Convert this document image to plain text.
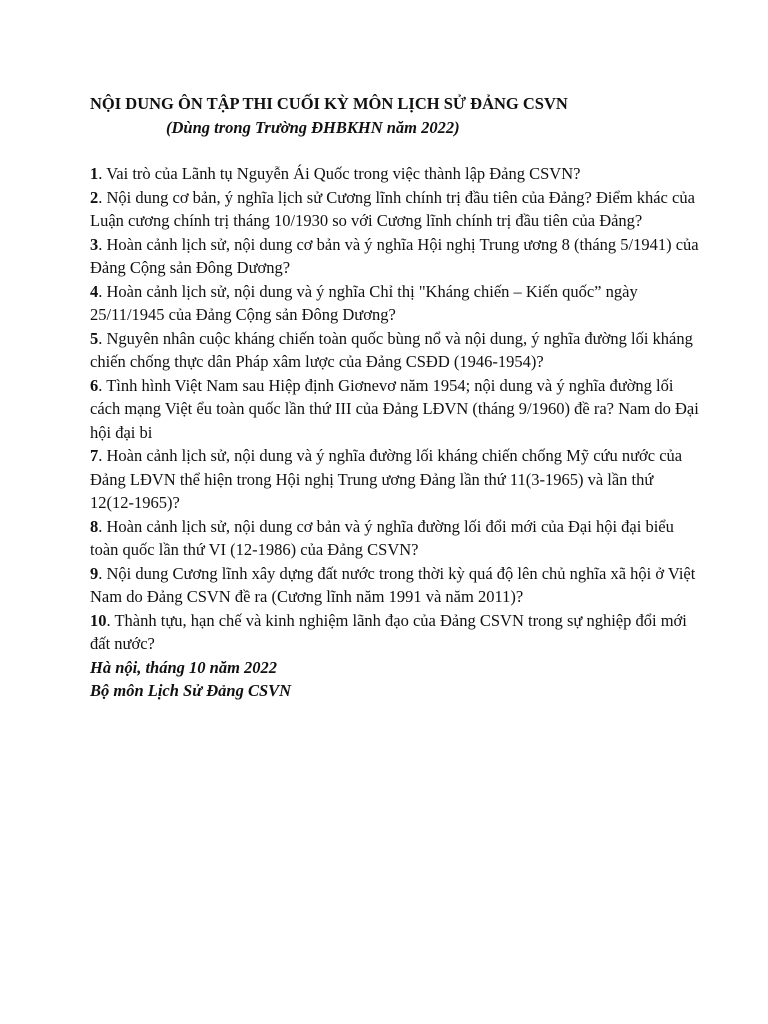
NỘI DUNG ÔN TẬP THI CUỐI KỲ MÔN LỊCH SỬ ĐẢNG CSVN

(Dùng trong Trường ĐHBKHN năm 2022)

1. Vai trò của Lãnh tụ Nguyễn Ái Quốc trong việc thành lập Đảng CSVN?

2. Nội dung cơ bản, ý nghĩa lịch sử Cương lĩnh chính trị đầu tiên của Đảng? Điểm khác của Luận cương chính trị tháng 10/1930 so với Cương lĩnh chính trị đầu tiên của Đảng?

3. Hoàn cảnh lịch sử, nội dung cơ bản và ý nghĩa Hội nghị Trung ương 8 (tháng 5/1941) của Đảng Cộng sản Đông Dương?

4. Hoàn cảnh lịch sử, nội dung và ý nghĩa Chỉ thị "Kháng chiến – Kiến quốc” ngày 25/11/1945 của Đảng Cộng sản Đông Dương?

5. Nguyên nhân cuộc kháng chiến toàn quốc bùng nổ và nội dung, ý nghĩa đường lối kháng chiến chống thực dân Pháp xâm lược của Đảng CSĐD (1946-1954)?

6. Tình hình Việt Nam sau Hiệp định Giơnevơ năm 1954; nội dung và ý nghĩa đường lối cách mạng Việt ểu toàn quốc lần thứ III của Đảng LĐVN (tháng 9/1960) đề ra? Nam do Đại hội đại bi

7. Hoàn cảnh lịch sử, nội dung và ý nghĩa đường lối kháng chiến chống Mỹ cứu nước của Đảng LĐVN thể hiện trong Hội nghị Trung ương Đảng lần thứ 11(3-1965) và lần thứ 12(12-1965)?

8. Hoàn cảnh lịch sử, nội dung cơ bản và ý nghĩa đường lối đổi mới của Đại hội đại biểu toàn quốc lần thứ VI (12-1986) của Đảng CSVN?

9. Nội dung Cương lĩnh xây dựng đất nước trong thời kỳ quá độ lên chủ nghĩa xã hội ở Việt Nam do Đảng CSVN đề ra (Cương lĩnh năm 1991 và năm 2011)?

10. Thành tựu, hạn chế và kinh nghiệm lãnh đạo của Đảng CSVN trong sự nghiệp đổi mới đất nước?

Hà nội, tháng 10 năm 2022

Bộ môn Lịch Sử Đảng CSVN
